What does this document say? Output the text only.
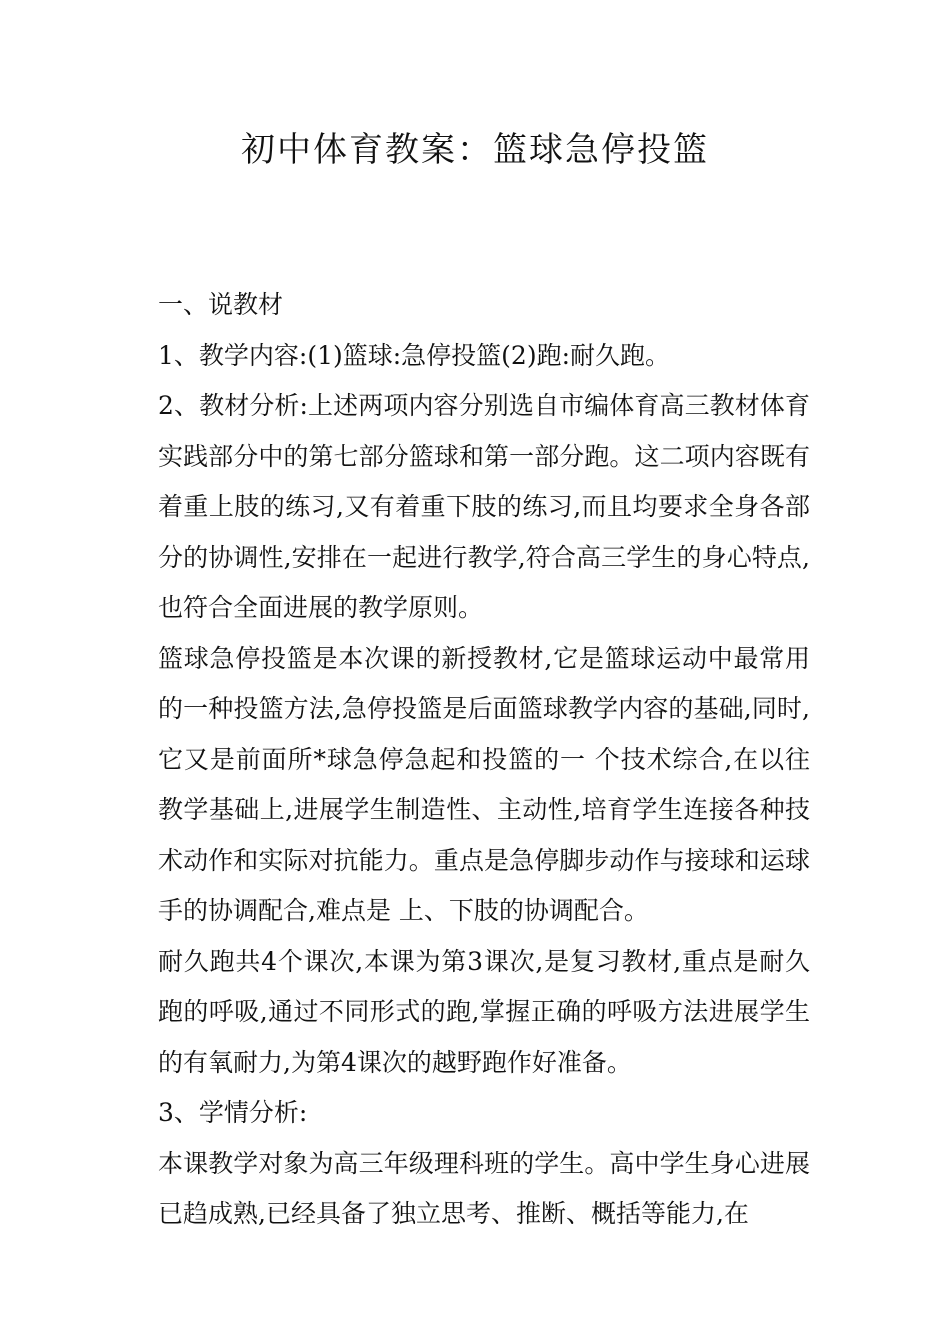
初中体育教案：篮球急停投篮

一、说教材

1、教学内容:(1)篮球:急停投篮(2)跑:耐久跑。

2、教材分析:上述两项内容分别选自市编体育高三教材体育实践部分中的第七部分篮球和第一部分跑。这二项内容既有着重上肢的练习,又有着重下肢的练习,而且均要求全身各部分的协调性,安排在一起进行教学,符合高三学生的身心特点,也符合全面进展的教学原则。

篮球急停投篮是本次课的新授教材,它是篮球运动中最常用的一种投篮方法,急停投篮是后面篮球教学内容的基础,同时,它又是前面所*球急停急起和投篮的一 个技术综合,在以往教学基础上,进展学生制造性、主动性,培育学生连接各种技术动作和实际对抗能力。重点是急停脚步动作与接球和运球手的协调配合,难点是 上、下肢的协调配合。

耐久跑共4个课次,本课为第3课次,是复习教材,重点是耐久跑的呼吸,通过不同形式的跑,掌握正确的呼吸方法进展学生的有氧耐力,为第4课次的越野跑作好准备。

3、学情分析:

本课教学对象为高三年级理科班的学生。高中学生身心进展已趋成熟,已经具备了独立思考、推断、概括等能力,在
